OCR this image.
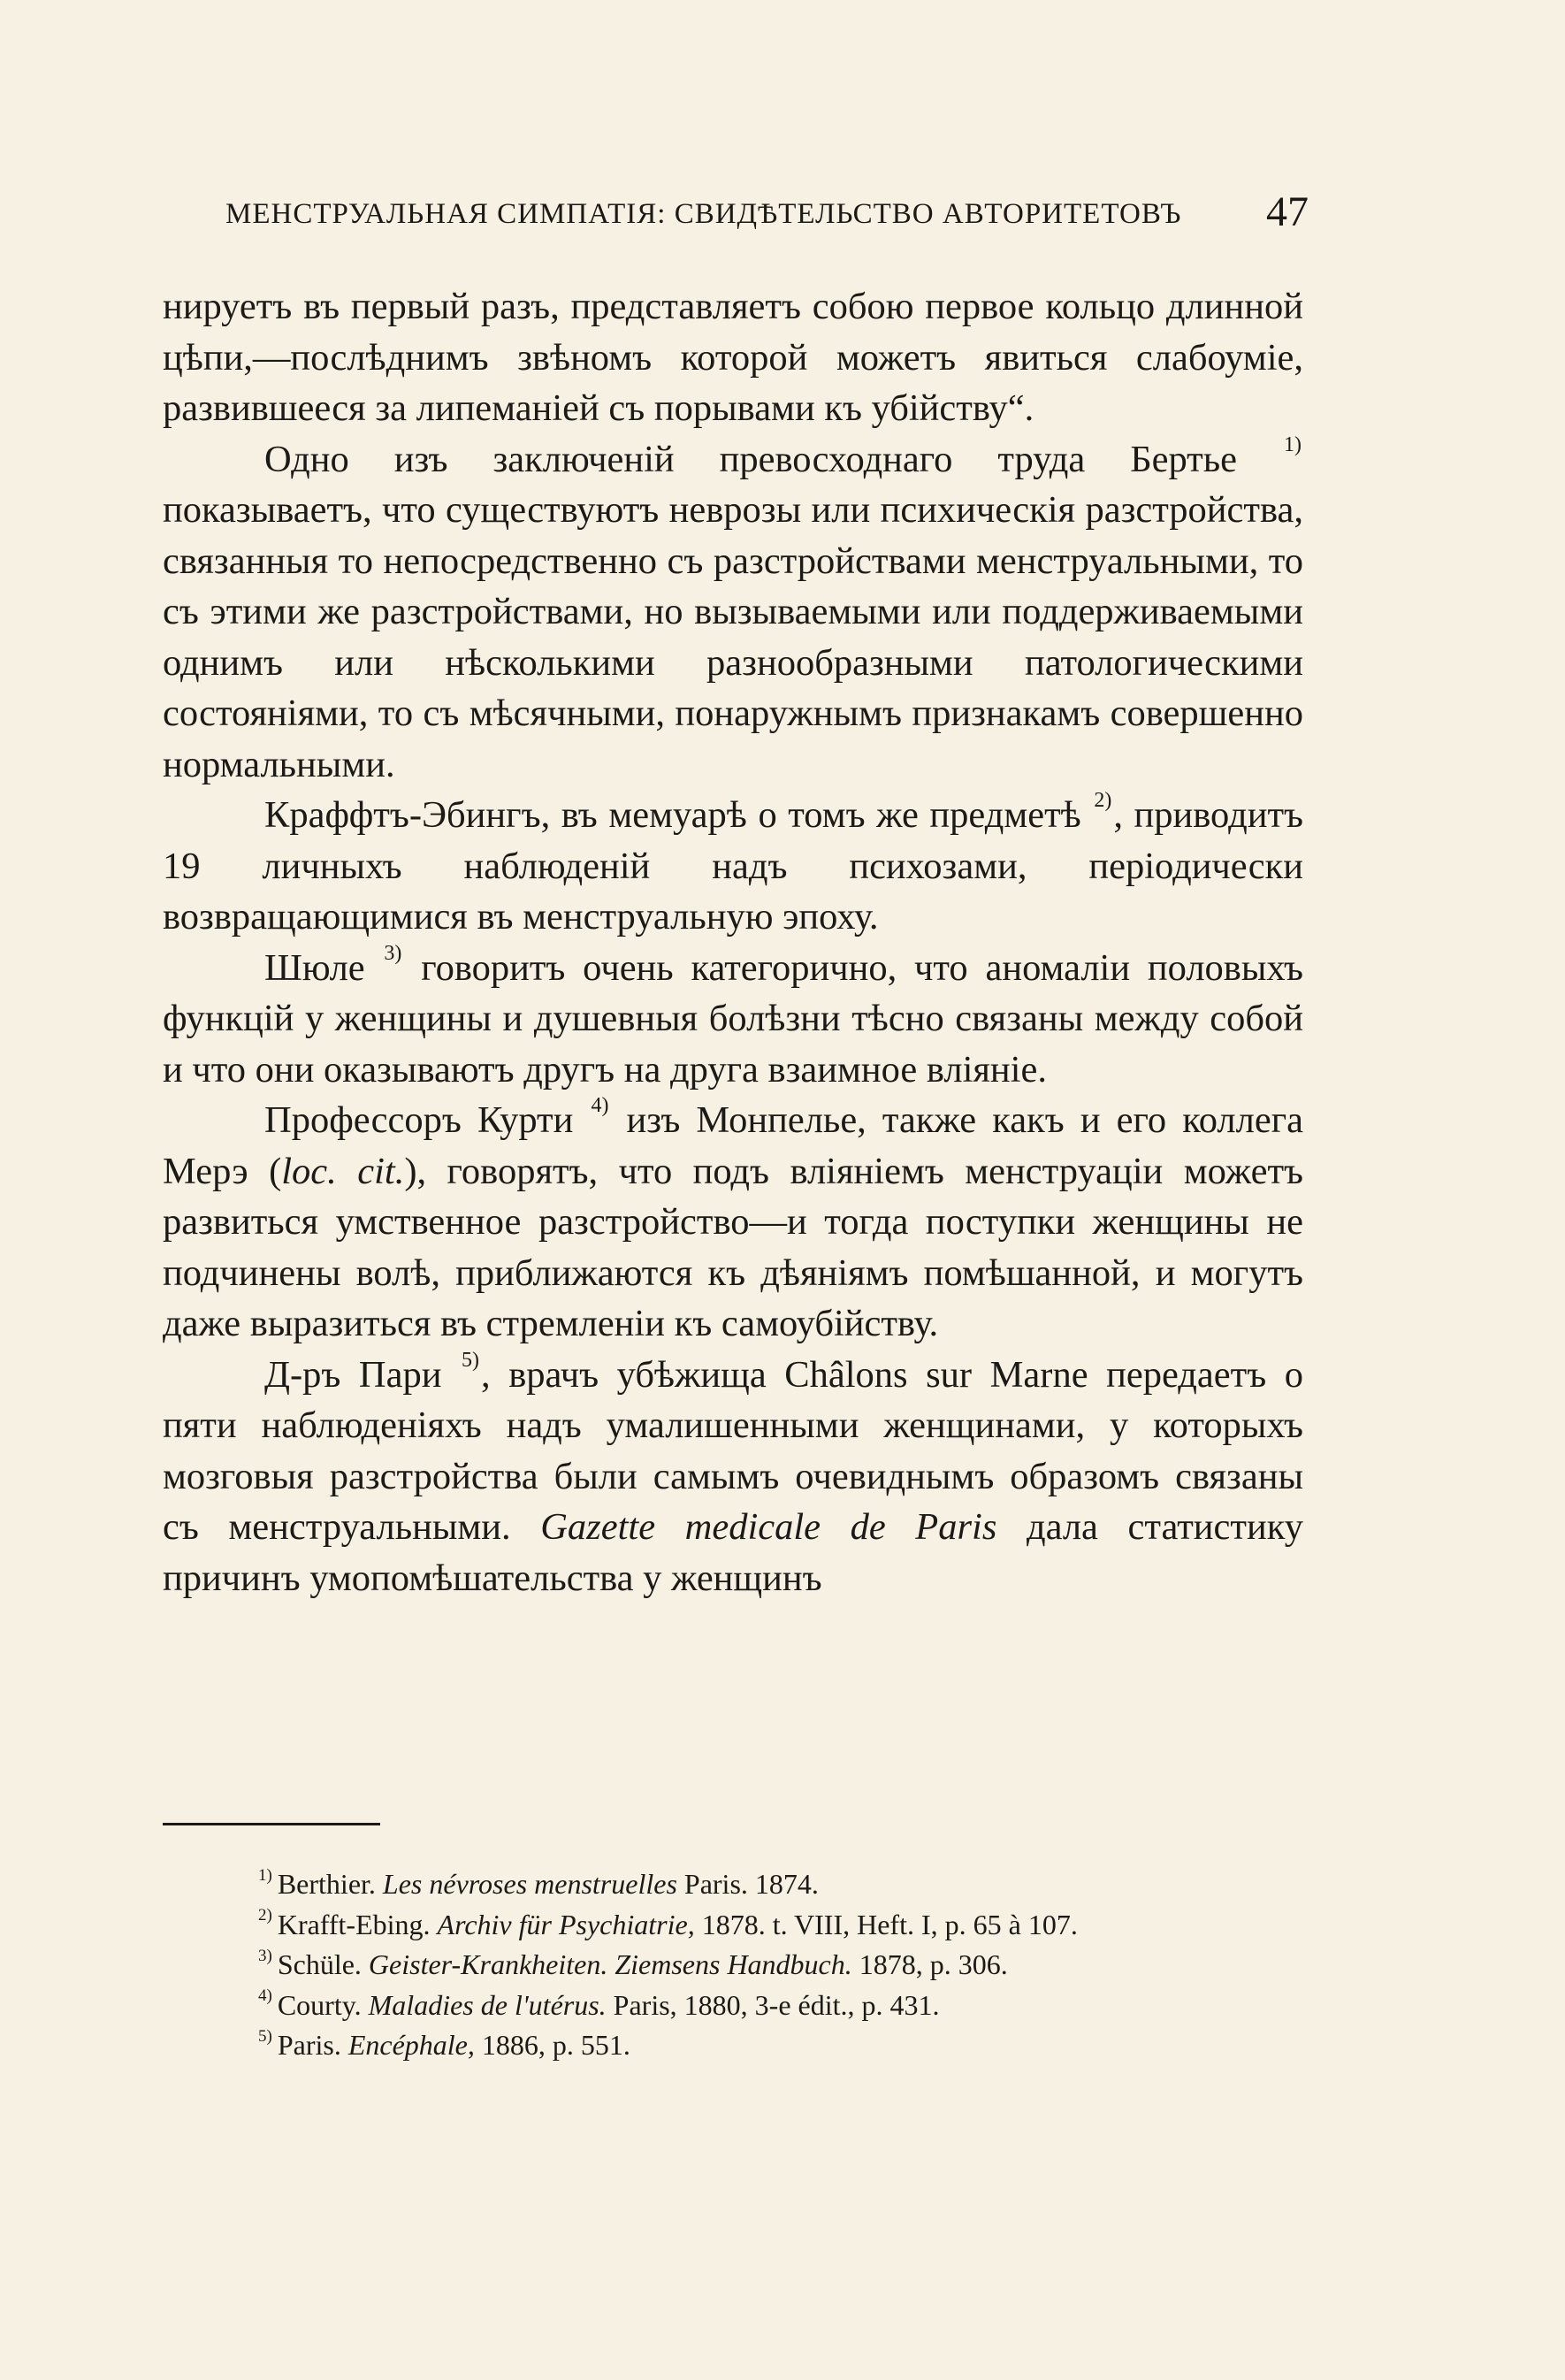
МЕНСТРУАЛЬНАЯ СИМПАТІЯ: СВИДѢТЕЛЬСТВО АВТОРИТЕТОВЪ 47

нируетъ въ первый разъ, представляетъ собою первое кольцо длинной цѣпи,—послѣднимъ звѣномъ которой можетъ явиться слабоуміе, развившееся за липеманіей съ порывами къ убійству“.

Одно изъ заключеній превосходнаго труда Бертье $^{1)}$ показываетъ, что существуютъ неврозы или психическія разстройства, связанныя то непосредственно съ разстройствами менструальными, то съ этими же разстройствами, но вызываемыми или поддерживаемыми однимъ или нѣсколькими разнообразными патологическими состояніями, то съ мѣсячными, понаружнымъ признакамъ совершенно нормальными.

Краффтъ-Эбингъ, въ мемуарѣ о томъ же предметѣ $^{2)}$, приводитъ 19 личныхъ наблюденій надъ психозами, періодически возвращающимися въ менструальную эпоху.

Шюле $^{3)}$ говоритъ очень категорично, что аномаліи половыхъ функцій у женщины и душевныя болѣзни тѣсно связаны между собой и что они оказываютъ другъ на друга взаимное вліяніе.

Профессоръ Курти $^{4)}$ изъ Монпелье, также какъ и его коллега Мерэ (loc. cit.), говорятъ, что подъ вліяніемъ менструаціи можетъ развиться умственное разстройство—и тогда поступки женщины не подчинены волѣ, приближаются къ дѣяніямъ помѣшанной, и могутъ даже выразиться въ стремленіи къ самоубійству.

Д-ръ Пари $^{5)}$, врачъ убѣжища Châlons sur Marne передаетъ о пяти наблюденіяхъ надъ умалишенными женщинами, у которыхъ мозговыя разстройства были самымъ очевиднымъ образомъ связаны съ менструальными. Gazette medicale de Paris дала статистику причинъ умопомѣшательства у женщинъ

$^{1)}$ Berthier. Les névroses menstruelles Paris. 1874.
$^{2)}$ Krafft-Ebing. Archiv für Psychiatrie, 1878. t. VIII, Heft. I, p. 65 à 107.
$^{3)}$ Schüle. Geister-Krankheiten. Ziemsens Handbuch. 1878, p. 306.
$^{4)}$ Courty. Maladies de l'utérus. Paris, 1880, 3-e édit., p. 431.
$^{5)}$ Paris. Encéphale, 1886, p. 551.
